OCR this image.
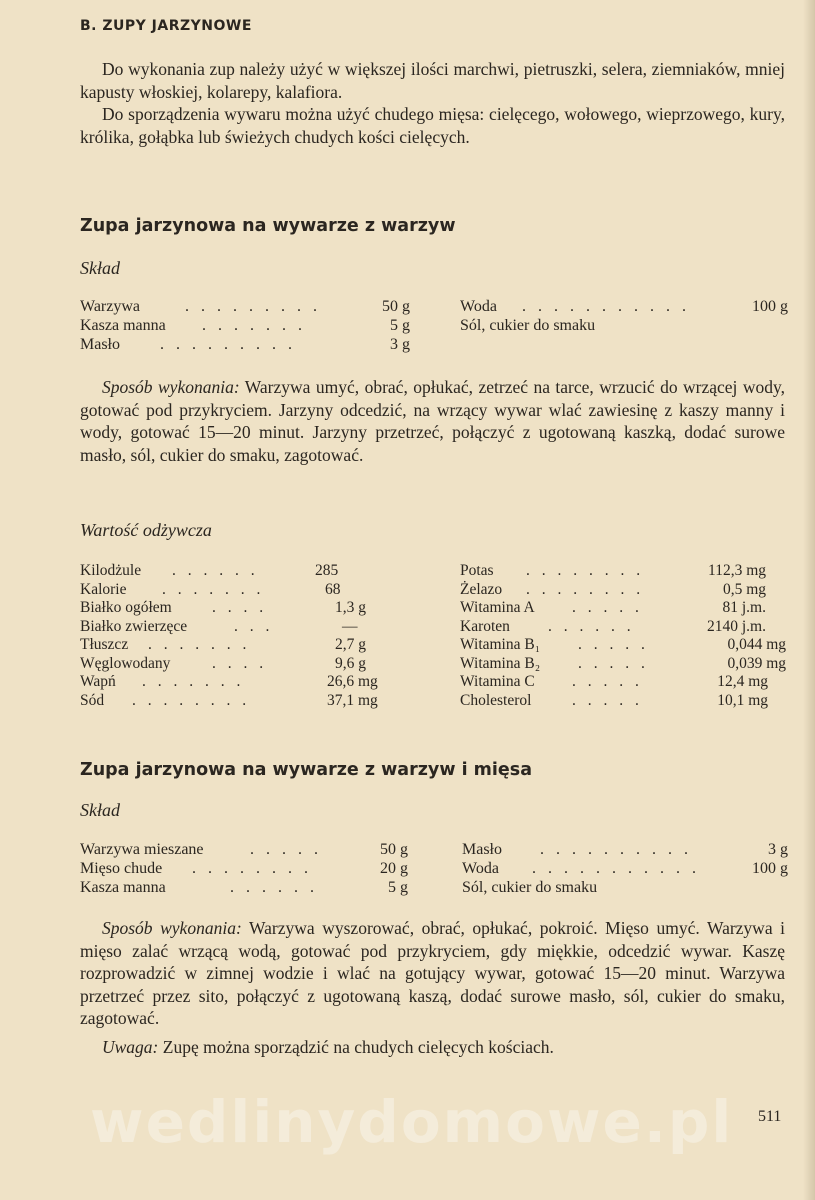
B. ZUPY JARZYNOWE
Do wykonania zup należy użyć w większej ilości marchwi, pietruszki, selera, ziemniaków, mniej kapusty włoskiej, kolarepy, kalafiora.
Do sporządzenia wywaru można użyć chudego mięsa: cielęcego, wołowego, wieprzowego, kury, królika, gołąbka lub świeżych chudych kości cielęcych.
Zupa jarzynowa na wywarze z warzyw
Skład
Warzywa	. . . . . . . . .	50 g
Kasza manna . . . . . . .	5 g
Masło	. . . . . . . . .	3 g
Woda . . . . . . . . . . .	100 g
Sól, cukier do smaku
Sposób wykonania: Warzywa umyć, obrać, opłukać, zetrzeć na tarce, wrzucić do wrzącej wody, gotować pod przykryciem. Jarzyny odcedzić, na wrzący wywar wlać zawiesinę z kaszy manny i wody, gotować 15—20 minut. Jarzyny przetrzeć, połączyć z ugotowaną kaszką, dodać surowe masło, sól, cukier do smaku, zagotować.
Wartość odżywcza
Kilodżule . . . . . .	285
Kalorie . . . . . . .	68
Białko ogółem	. . . .	1,3 g
Białko zwierzęce	. . .	—
Tłuszcz . . . . . . .	2,7 g
Węglowodany	. . . .	9,6 g
Wapń . . . . . . .	26,6 mg
Sód . . . . . . . .	37,1 mg
Potas . . . . . . . .	112,3 mg
Żelazo . . . . . . . .	0,5 mg
Witamina A . . . . .	81 j.m.
Karoten . . . . . .	2140 j.m.
Witamina B₁ . . . . .	0,044 mg
Witamina B₂ . . . . .	0,039 mg
Witamina C . . . . .	12,4 mg
Cholesterol	. . . . .	10,1 mg
Zupa jarzynowa na wywarze z warzyw i mięsa
Skład
Warzywa mieszane	. . . . .	50 g
Mięso chude . . . . . . . .	20 g
Kasza manna	. . . . . .	5 g
Masło . . . . . . . . . .	3 g
Woda . . . . . . . . . . .	100 g
Sól, cukier do smaku
Sposób wykonania: Warzywa wyszorować, obrać, opłukać, pokroić. Mięso umyć. Warzywa i mięso zalać wrzącą wodą, gotować pod przykryciem, gdy miękkie, odcedzić wywar. Kaszę rozprowadzić w zimnej wodzie i wlać na gotujący wywar, gotować 15—20 minut. Warzywa przetrzeć przez sito, połączyć z ugotowaną kaszą, dodać surowe masło, sól, cukier do smaku, zagotować.
Uwaga: Zupę można sporządzić na chudych cielęcych kościach.
wedlinydomowe.pl 511
